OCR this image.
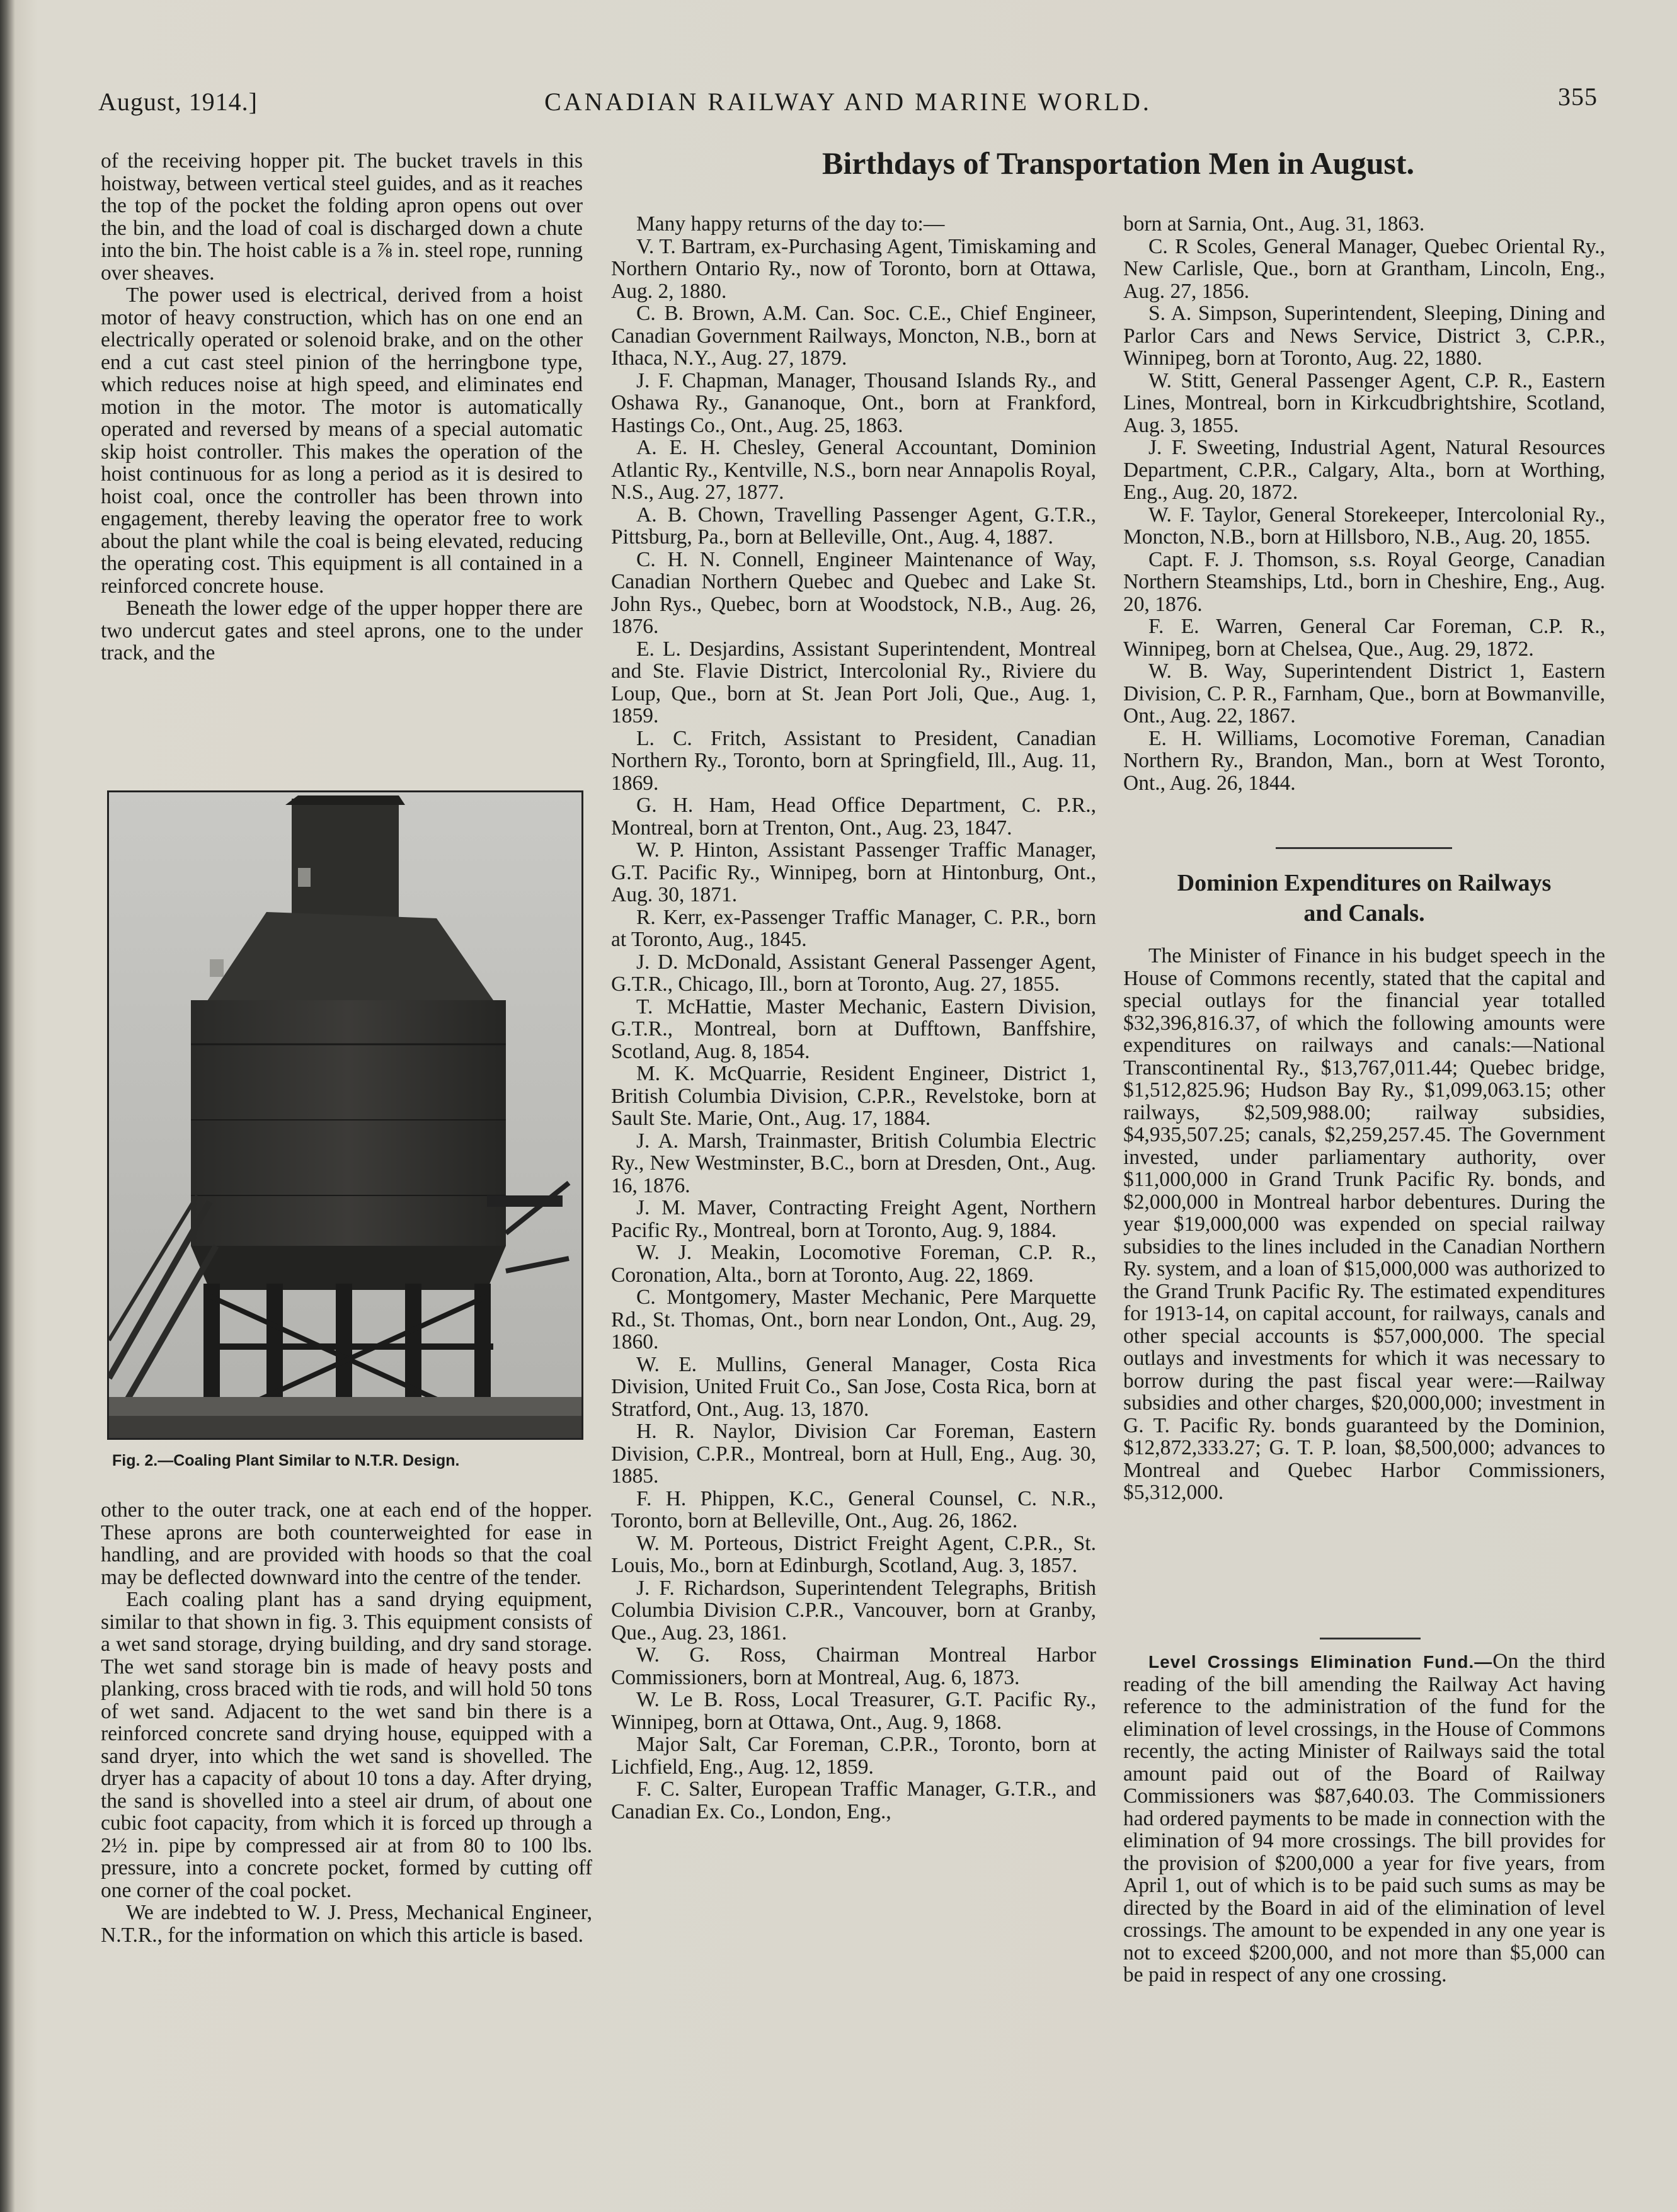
August, 1914.]	CANADIAN RAILWAY AND MARINE WORLD.	355

of the receiving hopper pit. The bucket travels in this hoistway, between vertical steel guides, and as it reaches the top of the pocket the folding apron opens out over the bin, and the load of coal is discharged down a chute into the bin. The hoist cable is a ⅞ in. steel rope, running over sheaves.

The power used is electrical, derived from a hoist motor of heavy construction, which has on one end an electrically operated or solenoid brake, and on the other end a cut cast steel pinion of the herringbone type, which reduces noise at high speed, and eliminates end motion in the motor. The motor is automatically operated and reversed by means of a special automatic skip hoist controller. This makes the operation of the hoist continuous for as long a period as it is desired to hoist coal, once the controller has been thrown into engagement, thereby leaving the operator free to work about the plant while the coal is being elevated, reducing the operating cost. This equipment is all contained in a reinforced concrete house.

Beneath the lower edge of the upper hopper there are two undercut gates and steel aprons, one to the under track, and the

Fig. 2.—Coaling Plant Similar to N.T.R. Design.

other to the outer track, one at each end of the hopper. These aprons are both counterweighted for ease in handling, and are provided with hoods so that the coal may be deflected downward into the centre of the tender.

Each coaling plant has a sand drying equipment, similar to that shown in fig. 3. This equipment consists of a wet sand storage, drying building, and dry sand storage. The wet sand storage bin is made of heavy posts and planking, cross braced with tie rods, and will hold 50 tons of wet sand. Adjacent to the wet sand bin there is a reinforced concrete sand drying house, equipped with a sand dryer, into which the wet sand is shovelled. The dryer has a capacity of about 10 tons a day. After drying, the sand is shovelled into a steel air drum, of about one cubic foot capacity, from which it is forced up through a 2½ in. pipe by compressed air at from 80 to 100 lbs. pressure, into a concrete pocket, formed by cutting off one corner of the coal pocket.

We are indebted to W. J. Press, Mechanical Engineer, N.T.R., for the information on which this article is based.

Birthdays of Transportation Men in August.

Many happy returns of the day to:—

V. T. Bartram, ex-Purchasing Agent, Timiskaming and Northern Ontario Ry., now of Toronto, born at Ottawa, Aug. 2, 1880.

C. B. Brown, A.M. Can. Soc. C.E., Chief Engineer, Canadian Government Railways, Moncton, N.B., born at Ithaca, N.Y., Aug. 27, 1879.

J. F. Chapman, Manager, Thousand Islands Ry., and Oshawa Ry., Gananoque, Ont., born at Frankford, Hastings Co., Ont., Aug. 25, 1863.

A. E. H. Chesley, General Accountant, Dominion Atlantic Ry., Kentville, N.S., born near Annapolis Royal, N.S., Aug. 27, 1877.

A. B. Chown, Travelling Passenger Agent, G.T.R., Pittsburg, Pa., born at Belleville, Ont., Aug. 4, 1887.

C. H. N. Connell, Engineer Maintenance of Way, Canadian Northern Quebec and Quebec and Lake St. John Rys., Quebec, born at Woodstock, N.B., Aug. 26, 1876.

E. L. Desjardins, Assistant Superintendent, Montreal and Ste. Flavie District, Intercolonial Ry., Riviere du Loup, Que., born at St. Jean Port Joli, Que., Aug. 1, 1859.

L. C. Fritch, Assistant to President, Canadian Northern Ry., Toronto, born at Springfield, Ill., Aug. 11, 1869.

G. H. Ham, Head Office Department, C. P.R., Montreal, born at Trenton, Ont., Aug. 23, 1847.

W. P. Hinton, Assistant Passenger Traffic Manager, G.T. Pacific Ry., Winnipeg, born at Hintonburg, Ont., Aug. 30, 1871.

R. Kerr, ex-Passenger Traffic Manager, C. P.R., born at Toronto, Aug., 1845.

J. D. McDonald, Assistant General Passenger Agent, G.T.R., Chicago, Ill., born at Toronto, Aug. 27, 1855.

T. McHattie, Master Mechanic, Eastern Division, G.T.R., Montreal, born at Dufftown, Banffshire, Scotland, Aug. 8, 1854.

M. K. McQuarrie, Resident Engineer, District 1, British Columbia Division, C.P.R., Revelstoke, born at Sault Ste. Marie, Ont., Aug. 17, 1884.

J. A. Marsh, Trainmaster, British Columbia Electric Ry., New Westminster, B.C., born at Dresden, Ont., Aug. 16, 1876.

J. M. Maver, Contracting Freight Agent, Northern Pacific Ry., Montreal, born at Toronto, Aug. 9, 1884.

W. J. Meakin, Locomotive Foreman, C.P. R., Coronation, Alta., born at Toronto, Aug. 22, 1869.

C. Montgomery, Master Mechanic, Pere Marquette Rd., St. Thomas, Ont., born near London, Ont., Aug. 29, 1860.

W. E. Mullins, General Manager, Costa Rica Division, United Fruit Co., San Jose, Costa Rica, born at Stratford, Ont., Aug. 13, 1870.

H. R. Naylor, Division Car Foreman, Eastern Division, C.P.R., Montreal, born at Hull, Eng., Aug. 30, 1885.

F. H. Phippen, K.C., General Counsel, C. N.R., Toronto, born at Belleville, Ont., Aug. 26, 1862.

W. M. Porteous, District Freight Agent, C.P.R., St. Louis, Mo., born at Edinburgh, Scotland, Aug. 3, 1857.

J. F. Richardson, Superintendent Telegraphs, British Columbia Division C.P.R., Vancouver, born at Granby, Que., Aug. 23, 1861.

W. G. Ross, Chairman Montreal Harbor Commissioners, born at Montreal, Aug. 6, 1873.

W. Le B. Ross, Local Treasurer, G.T. Pacific Ry., Winnipeg, born at Ottawa, Ont., Aug. 9, 1868.

Major Salt, Car Foreman, C.P.R., Toronto, born at Lichfield, Eng., Aug. 12, 1859.

F. C. Salter, European Traffic Manager, G.T.R., and Canadian Ex. Co., London, Eng.,

born at Sarnia, Ont., Aug. 31, 1863.

C. R Scoles, General Manager, Quebec Oriental Ry., New Carlisle, Que., born at Grantham, Lincoln, Eng., Aug. 27, 1856.

S. A. Simpson, Superintendent, Sleeping, Dining and Parlor Cars and News Service, District 3, C.P.R., Winnipeg, born at Toronto, Aug. 22, 1880.

W. Stitt, General Passenger Agent, C.P. R., Eastern Lines, Montreal, born in Kirkcudbrightshire, Scotland, Aug. 3, 1855.

J. F. Sweeting, Industrial Agent, Natural Resources Department, C.P.R., Calgary, Alta., born at Worthing, Eng., Aug. 20, 1872.

W. F. Taylor, General Storekeeper, Intercolonial Ry., Moncton, N.B., born at Hillsboro, N.B., Aug. 20, 1855.

Capt. F. J. Thomson, s.s. Royal George, Canadian Northern Steamships, Ltd., born in Cheshire, Eng., Aug. 20, 1876.

F. E. Warren, General Car Foreman, C.P. R., Winnipeg, born at Chelsea, Que., Aug. 29, 1872.

W. B. Way, Superintendent District 1, Eastern Division, C. P. R., Farnham, Que., born at Bowmanville, Ont., Aug. 22, 1867.

E. H. Williams, Locomotive Foreman, Canadian Northern Ry., Brandon, Man., born at West Toronto, Ont., Aug. 26, 1844.

Dominion Expenditures on Railways
and Canals.

The Minister of Finance in his budget speech in the House of Commons recently, stated that the capital and special outlays for the financial year totalled $32,396,816.37, of which the following amounts were expenditures on railways and canals:—National Transcontinental Ry., $13,767,011.44; Quebec bridge, $1,512,825.96; Hudson Bay Ry., $1,099,063.15; other railways, $2,509,988.00; railway subsidies, $4,935,507.25; canals, $2,259,257.45. The Government invested, under parliamentary authority, over $11,000,000 in Grand Trunk Pacific Ry. bonds, and $2,000,000 in Montreal harbor debentures. During the year $19,000,000 was expended on special railway subsidies to the lines included in the Canadian Northern Ry. system, and a loan of $15,000,000 was authorized to the Grand Trunk Pacific Ry. The estimated expenditures for 1913-14, on capital account, for railways, canals and other special accounts is $57,000,000. The special outlays and investments for which it was necessary to borrow during the past fiscal year were:—Railway subsidies and other charges, $20,000,000; investment in G. T. Pacific Ry. bonds guaranteed by the Dominion, $12,872,333.27; G. T. P. loan, $8,500,000; advances to Montreal and Quebec Harbor Commissioners, $5,312,000.

Level Crossings Elimination Fund.—On the third reading of the bill amending the Railway Act having reference to the administration of the fund for the elimination of level crossings, in the House of Commons recently, the acting Minister of Railways said the total amount paid out of the Board of Railway Commissioners was $87,640.03. The Commissioners had ordered payments to be made in connection with the elimination of 94 more crossings. The bill provides for the provision of $200,000 a year for five years, from April 1, out of which is to be paid such sums as may be directed by the Board in aid of the elimination of level crossings. The amount to be expended in any one year is not to exceed $200,000, and not more than $5,000 can be paid in respect of any one crossing.
